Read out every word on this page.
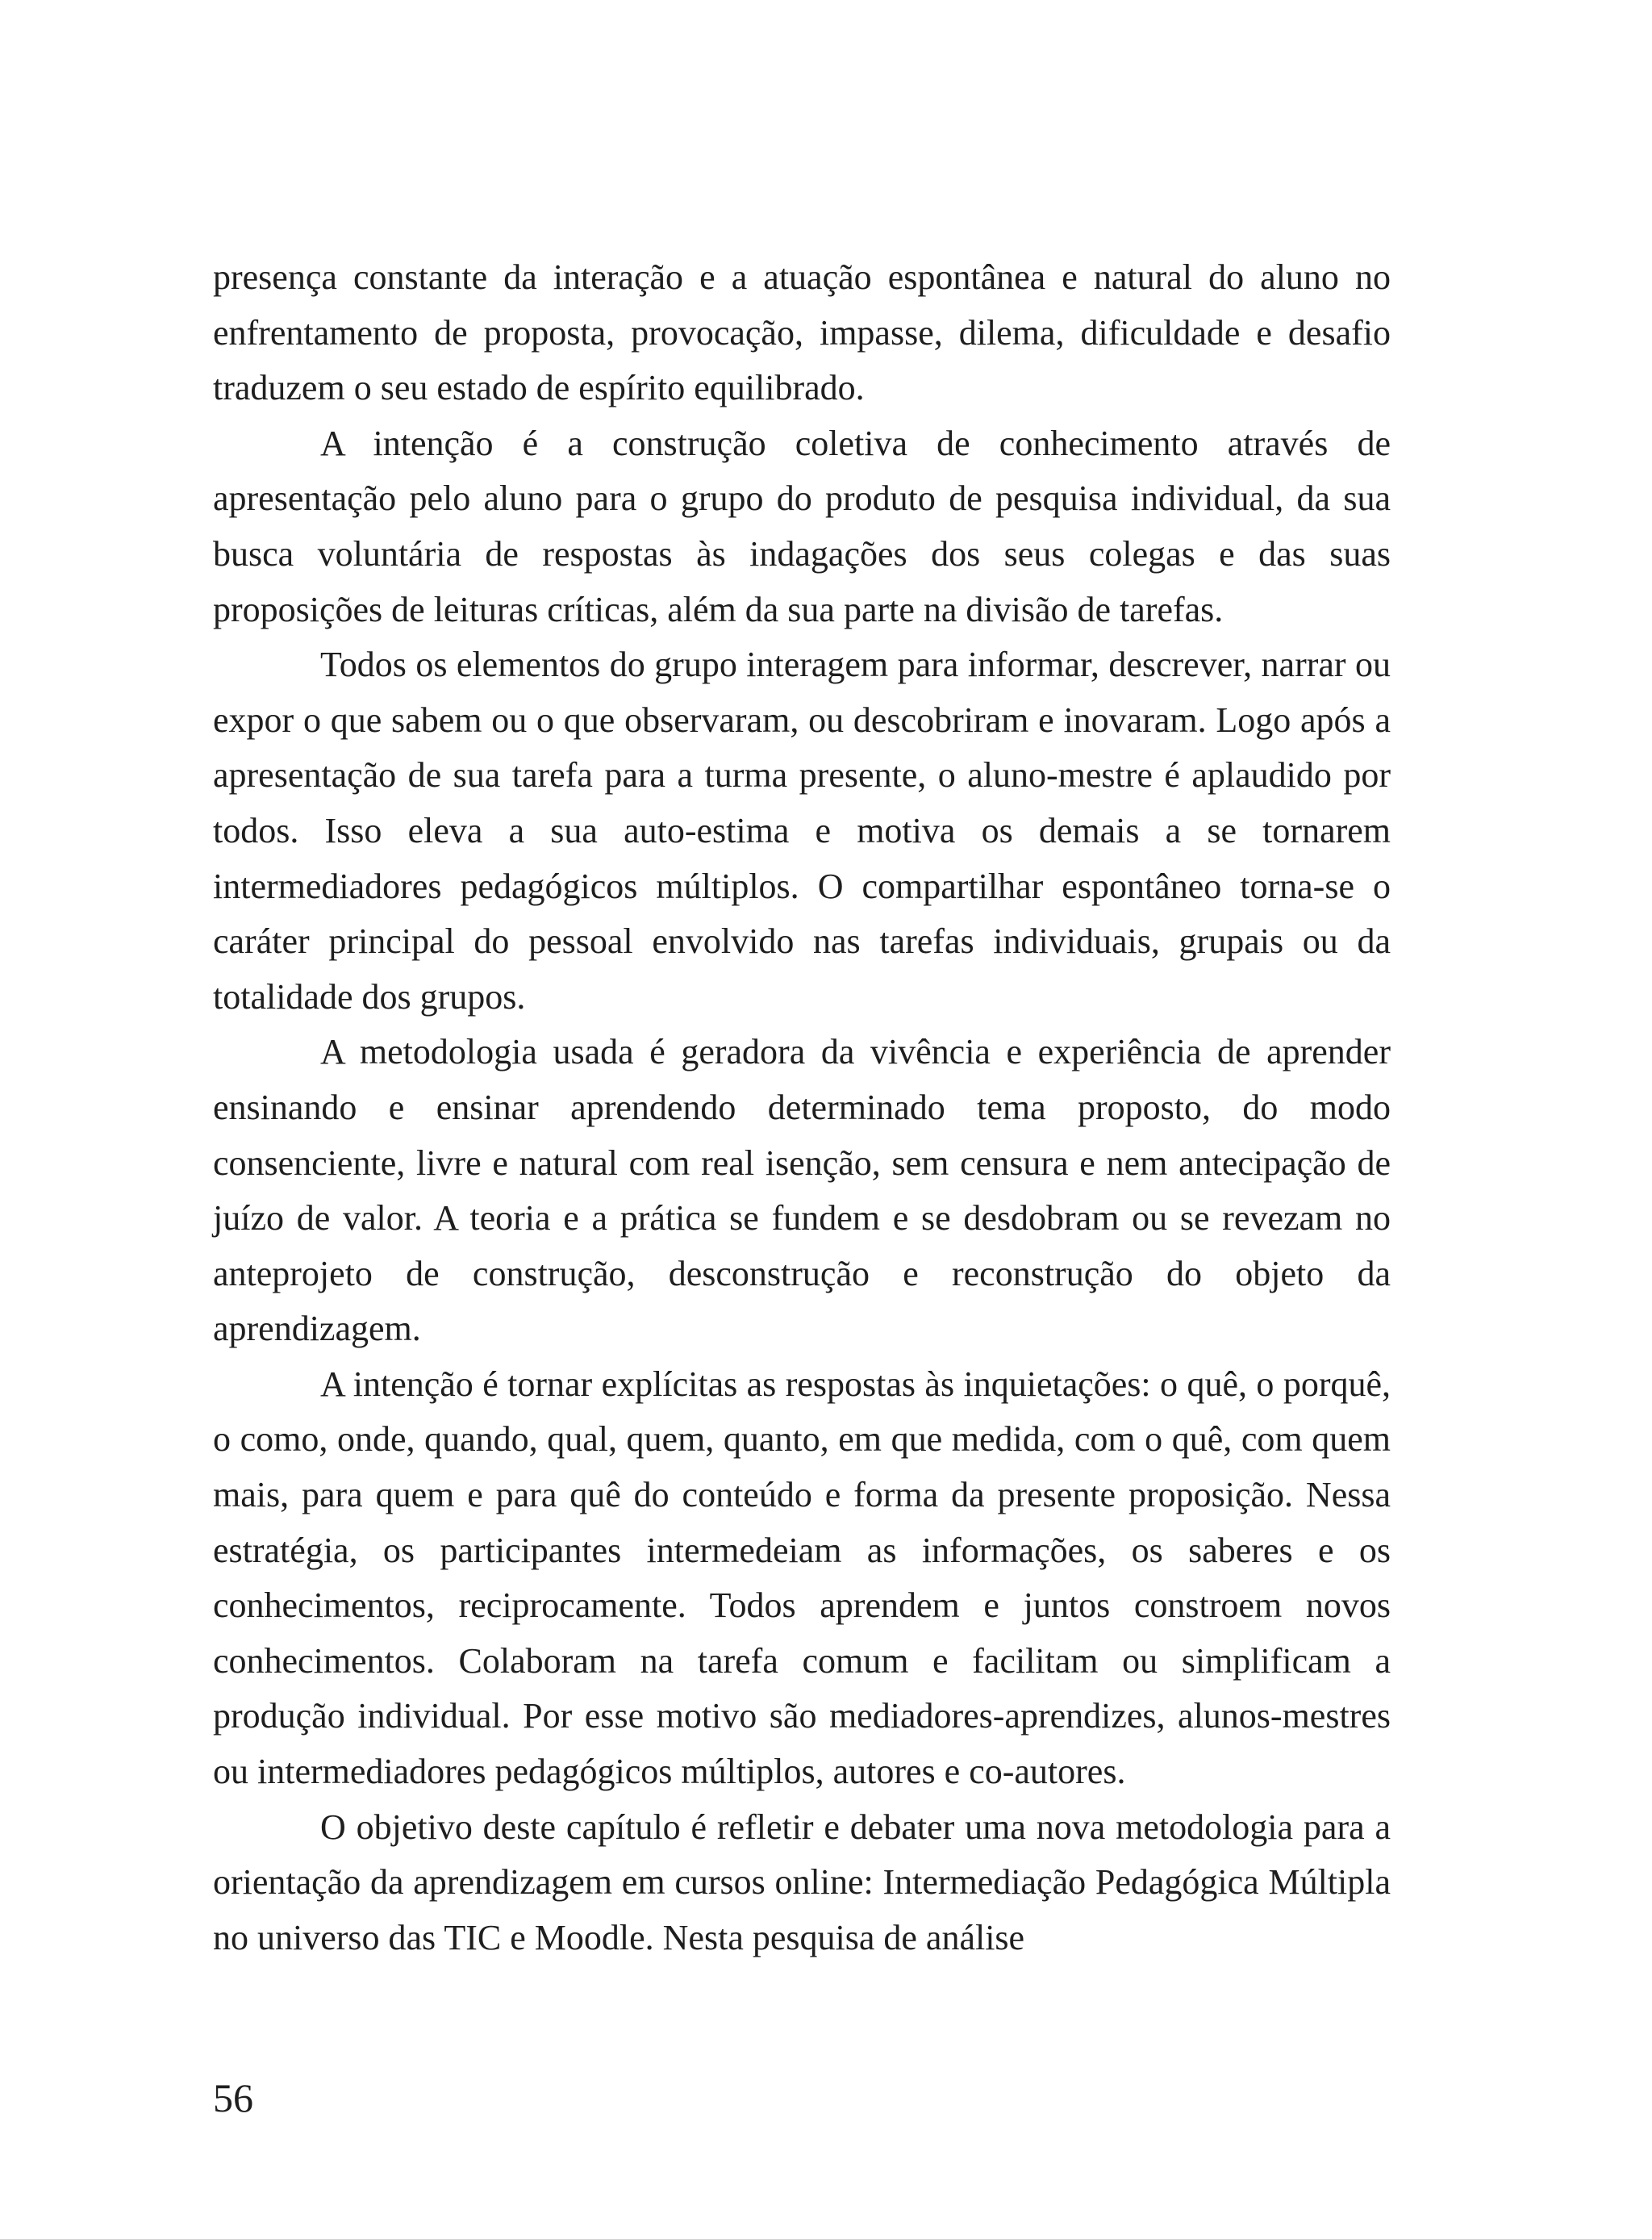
presença constante da interação e a atuação espontânea e natural do aluno no enfrentamento de proposta, provocação, impasse, dilema, dificuldade e desafio traduzem o seu estado de espírito equilibrado.

A intenção é a construção coletiva de conhecimento através de apresentação pelo aluno para o grupo do produto de pesquisa individual, da sua busca voluntária de respostas às indagações dos seus colegas e das suas proposições de leituras críticas, além da sua parte na divisão de tarefas.

Todos os elementos do grupo interagem para informar, descrever, narrar ou expor o que sabem ou o que observaram, ou descobriram e inovaram. Logo após a apresentação de sua tarefa para a turma presente, o aluno-mestre é aplaudido por todos. Isso eleva a sua auto-estima e motiva os demais a se tornarem intermediadores pedagógicos múltiplos. O compartilhar espontâneo torna-se o caráter principal do pessoal envolvido nas tarefas individuais, grupais ou da totalidade dos grupos.

A metodologia usada é geradora da vivência e experiência de aprender ensinando e ensinar aprendendo determinado tema proposto, do modo consenciente, livre e natural com real isenção, sem censura e nem antecipação de juízo de valor. A teoria e a prática se fundem e se desdobram ou se revezam no anteprojeto de construção, desconstrução e reconstrução do objeto da aprendizagem.

A intenção é tornar explícitas as respostas às inquietações: o quê, o porquê, o como, onde, quando, qual, quem, quanto, em que medida, com o quê, com quem mais, para quem e para quê do conteúdo e forma da presente proposição. Nessa estratégia, os participantes intermedeiam as informações, os saberes e os conhecimentos, reciprocamente. Todos aprendem e juntos constroem novos conhecimentos. Colaboram na tarefa comum e facilitam ou simplificam a produção individual. Por esse motivo são mediadores-aprendizes, alunos-mestres ou intermediadores pedagógicos múltiplos, autores e co-autores.

O objetivo deste capítulo é refletir e debater uma nova metodologia para a orientação da aprendizagem em cursos online: Intermediação Pedagógica Múltipla no universo das TIC e Moodle. Nesta pesquisa de análise

56
